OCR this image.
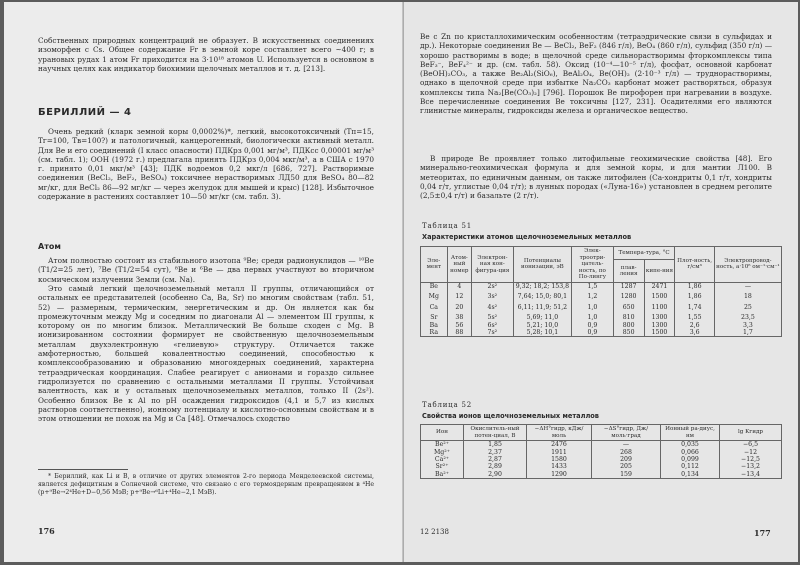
Собственных природных концентраций не образует. В искусственных соединениях изоморфен с Cs. Общее содержание Fr в земной коре составляет всего ~400 г; в урановых рудах 1 атом Fr приходится на 3·10¹⁸ атомов U. Используется в основном в научных целях как индикатор биохимии щелочных металлов и т. д. [213].

БЕРИЛЛИЙ — 4

Очень редкий (кларк земной коры 0,0002%)*, легкий, высокотоксичный (Тп=15, Тг=100, Тв=100?) и патологичный, канцерогенный, биологически активный металл. Для Be и его соединений (I класс опасности) ПДКрз 0,001 мг/м³, ПДКсс 0,00001 мг/м³ (см. табл. 1); ООН (1972 г.) предлагала принять ПДКрз 0,004 мкг/м³, а в США с 1970 г. принято 0,01 мкг/м³ [43]; ПДК водоемов 0,2 мкг/л [686, 727]. Растворимые соединения (BeCl₂, BeF₂, BeSO₄) токсичнее нерастворимых ЛД50 для BeSO₄ 80—82 мг/кг, для BeCl₂ 86—92 мг/кг — через желудок для мышей и крыс) [128]. Избыточное содержание в растениях составляет 10—50 мг/кг (см. табл. 3).

Атом

Атом полностью состоит из стабильного изотопа ⁹Be; среди радионуклидов — ¹⁰Be (T1/2=25 лет), ⁷Be (T1/2=54 сут), ⁸Be и ⁶Be — два первых участвуют во вторичном космическом излучении Земли (см. Na).

Это самый легкий щелочноземельный металл II группы, отличающийся от остальных ее представителей (особенно Ca, Ba, Sr) по многим свойствам (табл. 51, 52) — размерным, термическим, энергетическим и др. Он является как бы промежуточным между Mg и соседним по диагонали Al — элементом III группы, к которому он по многим близок. Металлический Be больше сходен с Mg. В ионизированном состоянии формирует не свойственную щелочноземельным металлам двухэлектронную «гелиевую» структуру. Отличается также амфотерностью, большей ковалентностью соединений, способностью к комплексообразованию и образованию многоядерных соединений, характерна тетраэдрическая координация. Слабее реагирует с анионами и гораздо сильнее гидролизуется по сравнению с остальными металлами II группы. Устойчивая валентность, как и у остальных щелочноземельных металлов, только II (2s²). Особенно близок Be к Al по pH осаждения гидроксидов (4,1 и 5,7 из кислых растворов соответственно), ионному потенциалу и кислотно-основным свойствам и в этом отношении не похож на Mg и Ca [48]. Отмечалось сходство

* Бериллий, как Li и B, в отличие от других элементов 2-го периода Менделеевской системы, является дефицитным в Солнечной системе, что связано с его термоядерным превращением в ⁴He (p+⁹Be→2⁴He+D−0,56 МэВ; p+⁹Be→⁶Li+⁴He−2,1 МэВ).

176

Be с Zn по кристаллохимическим особенностям (тетраэдрические связи в сульфидах и др.). Некоторые соединения Be — BeCl₂, BeF₂ (846 г/л), BeO₄ (860 г/л), сульфид (350 г/л) — хорошо растворимы в воде; в щелочной среде сильнорастворимы фторкомплексы типа BeF₃⁻, BeF₄²⁻ и др. (см. табл. 58). Оксид (10⁻⁴—10⁻⁵ г/л), фосфат, основной карбонат (BeOH)₂CO₃, а также Be₂Al₂(SiO₆), BeAl₂O₄, Be(OH)₂ (2·10⁻³ г/л) — труднорастворимы, однако в щелочной среде при избытке Na₂CO₃ карбонат может растворяться, образуя комплексы типа Na₂[Be(CO₃)₂] [796]. Порошок Be пирофорен при нагревании в воздухе. Все перечисленные соединения Be токсичны [127, 231]. Осадителями его являются глинистые минералы, гидроксиды железа и органическое вещество.

В природе Be проявляет только литофильные геохимические свойства [48]. Его минерально-геохимическая формула и для земной коры, и для мантии Л100. В метеоритах, по единичным данным, он также литофилен (Са-хондриты 0,1 г/т, хондриты 0,04 г/т, углистые 0,04 г/т); в лунных породах («Луна-16») установлен в среднем реголите (2,5±0,4 г/т) и базальте (2 г/т).

Таблица 51
Характеристики атомов щелочноземельных металлов
Эле-мент	Атом-ный номер	Электрон-ная кон-фигура-ция	Потенциалы ионизации, эВ	Элек-троотри-цатель-ность, по По-лингу	Темпера-тура, °С		Плот-ность, г/см³	Электропровод-ность, а·10⁶ ом⁻¹·см⁻¹
					плав-ления	кипе-ния		
Be	4	2s²	9,32; 18,2; 153,8	1,5	1287	2471	1,86	—
Mg	12	3s²	7,64; 15,0; 80,1	1,2	1280	1500	1,86	18
Ca	20	4s²	6,11; 11,9; 51,2	1,0	650	1100	1,74	25
Sr	38	5s²	5,69; 11,0	1,0	810	1300	1,55	23,5
Ba	56	6s²	5,21; 10,0	0,9	800	1300	2,6	3,3
Ra	88	7s²	5,28; 10,1	0,9	850	1500	3,6	1,7
Таблица 52
Свойства ионов щелочноземельных металлов
Ион	Окислитель-ный потен-циал, В	−ΔH°гидр, кДж/моль	−ΔS°гидр, Дж/моль·град	Ионный ра-диус, нм	lg Kгидр
Be²⁺	1,85	2476	—	0,035	−6,5
Mg²⁺	2,37	1911	268	0,066	−12
Ca²⁺	2,87	1580	209	0,099	−12,5
Sr²⁺	2,89	1433	205	0,112	−13,2
Ba²⁺	2,90	1290	159	0,134	−13,4
12 2138	177
